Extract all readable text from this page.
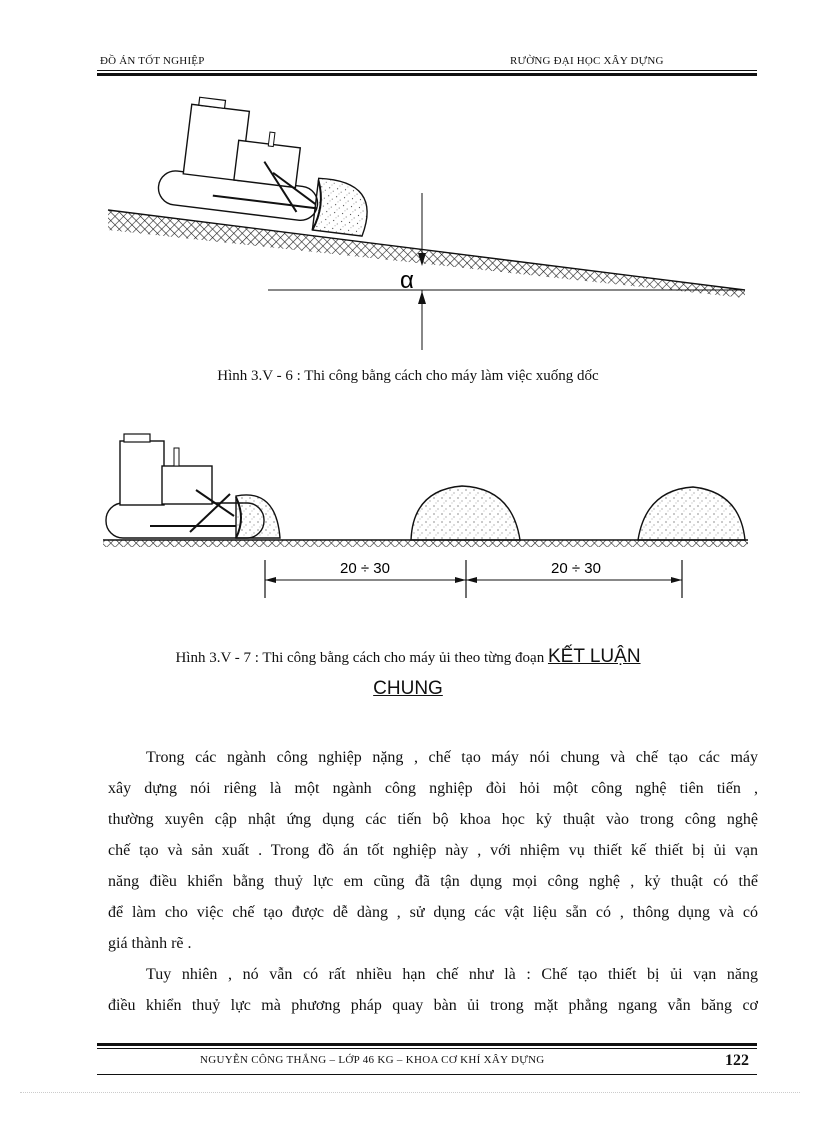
ĐỒ ÁN TỐT NGHIỆP	RƯỜNG ĐẠI HỌC XÂY DỰNG
α
Hình 3.V - 6 : Thi công bằng cách cho máy làm việc xuống dốc
20 ÷ 30	20 ÷ 30
Hình 3.V - 7 : Thi công bằng cách cho máy ủi theo từng đoạn KẾT LUẬN
CHUNG
Trong các ngành công nghiệp nặng , chế tạo máy nói chung và chế tạo các máy
xây dựng nói riêng là một ngành công nghiệp đòi hỏi một công nghệ tiên tiến ,
thường xuyên cập nhật ứng dụng các tiến bộ khoa học kỷ thuật vào trong công nghệ
chế tạo và sản xuất . Trong đồ án tốt nghiệp này , với nhiệm vụ thiết kế thiết bị ủi vạn
năng điều khiển bằng thuỷ lực em cũng đã tận dụng mọi công nghệ , kỷ thuật có thể
để làm cho việc chế tạo được dễ dàng , sử dụng các vật liệu sẵn có , thông dụng và có
giá thành rẽ .
Tuy nhiên , nó vẫn có rất nhiều hạn chế như là : Chế tạo thiết bị ủi vạn năng
điều khiển thuỷ lực mà phương pháp quay bàn ủi trong mặt phẳng ngang vẫn băng cơ
NGUYỄN CÔNG THẮNG – LỚP 46 KG – KHOA CƠ KHÍ XÂY DỰNG	122
